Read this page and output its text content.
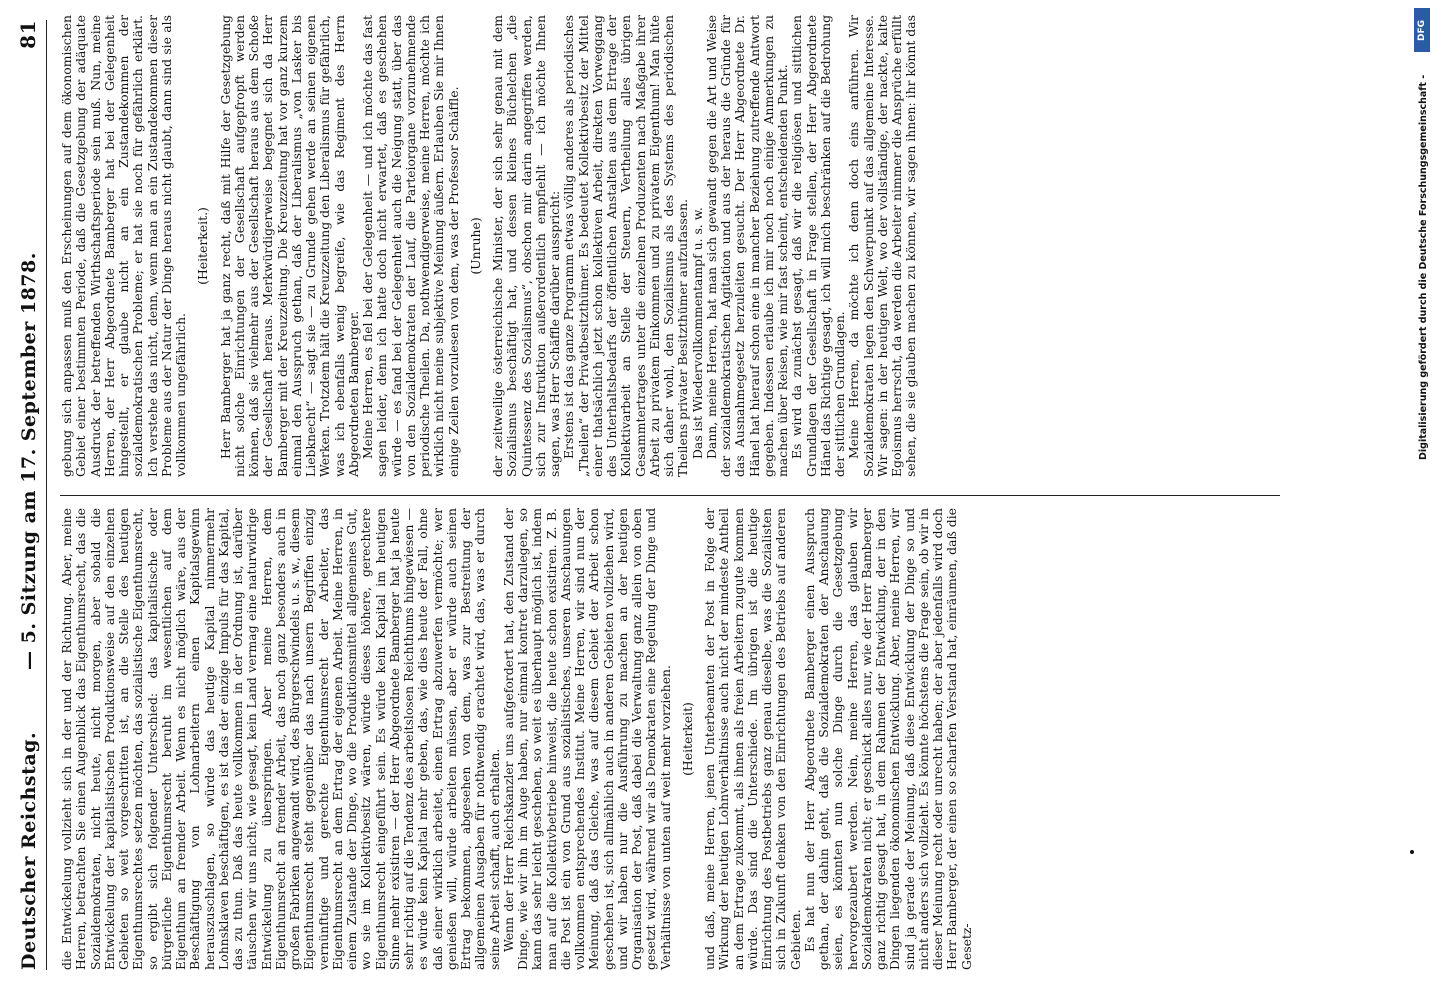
DFG
Digitalisierung gefördert durch die Deutsche Forschungsgemeinschaft -
Deutscher Reichstag.
— 5. Sitzung am 17. September 1878.
81

die Entwickelung vollzieht sich in der und der Richtung. Aber, meine Herren, betrachten Sie einen Augenblick das Eigenthumsrecht, das die Sozialdemokraten, nicht heute, nicht morgen, aber sobald die Entwickelung der kapitalistischen Produktionsweise auf den einzelnen Gebieten so weit vorgeschritten ist, an die Stelle des heutigen Eigenthumsrechtes setzen möchten, das sozialistische Eigenthumsrecht, so ergibt sich folgender Unterschied: das kapitalistische oder bürgerliche Eigenthumsrecht beruht im wesentlichen auf dem Eigenthum an fremder Arbeit. Wenn es nicht möglich wäre, aus der Beschäftigung von Lohnarbeitern einen Kapitalsgewinn herauszuschlagen, so würde das heutige Kapital nimmermehr Lohnsklaven beschäftigen, es ist das der einzige Impuls für das Kapital, das zu thun. Daß das heute vollkommen in der Ordnung ist, darüber täuschen wir uns nicht; wie gesagt, kein Land vermag eine naturwidrige Entwickelung zu überspringen. Aber meine Herren, dem Eigenthumsrecht an fremder Arbeit, das noch ganz besonders auch in großen Fabriken angewandt wird, des Bürgerschwindels u. s. w., diesem Eigenthumsrecht steht gegenüber das nach unsern Begriffen einzig vernünftige und gerechte Eigenthumsrecht der Arbeiter, das Eigenthumsrecht an dem Ertrag der eigenen Arbeit. Meine Herren, in einem Zustande der Dinge, wo die Produktionsmittel allgemeines Gut, wo sie im Kollektivbesitz wären, würde dieses höhere, gerechtere Eigenthumsrecht eingeführt sein. Es würde kein Kapital im heutigen Sinne mehr existiren — der Herr Abgeordnete Bamberger hat ja heute sehr richtig auf die Tendenz des arbeitslosen Reichthums hingewiesen — es würde kein Kapital mehr geben, das, wie dies heute der Fall, ohne daß einer wirklich arbeitet, einen Ertrag abzuwerfen vermöchte; wer genießen will, würde arbeiten müssen, aber er würde auch seinen Ertrag bekommen, abgesehen von dem, was zur Bestreitung der allgemeinen Ausgaben für nothwendig erachtet wird, das, was er durch seine Arbeit schafft, auch erhalten. Wenn der Herr Reichskanzler uns aufgefordert hat, den Zustand der Dinge, wie wir ihn im Auge haben, nur einmal kontret darzulegen, so kann das sehr leicht geschehen, so weit es überhaupt möglich ist, indem man auf die Kollektivbetriebe hinweist, die heute schon existiren. Z. B. die Post ist ein von Grund aus sozialistisches, unseren Anschauungen vollkommen entsprechendes Institut. Meine Herren, wir sind nun der Meinung, daß das Gleiche, was auf diesem Gebiet der Arbeit schon geschehen ist, sich allmählich auch in anderen Gebieten vollziehen wird, und wir haben nur die Ausführung zu machen an der heutigen Organisation der Post, daß dabei die Verwaltung ganz allein von oben gesetzt wird, während wir als Demokraten eine Regelung der Dinge und Verhältnisse von unten auf weit mehr vorziehen. (Heiterkeit) und daß, meine Herren, jenen Unterbeamten der Post in Folge der Wirkung der heutigen Lohnverhältnisse auch nicht der mindeste Antheil an dem Ertrage zukommt, als ihnen als freien Arbeitern zugute kommen würde. Das sind die Unterschiede. Im übrigen ist die heutige Einrichtung des Postbetriebs ganz genau dieselbe, was die Sozialisten sich in Zukunft denken von den Einrichtungen des Betriebs auf anderen Gebieten. Es hat nun der Herr Abgeordnete Bamberger einen Ausspruch gethan, der dahin geht, daß die Sozialdemokraten der Anschauung seien, es könnten nun solche Dinge durch die Gesetzgebung hervorgezaubert werden. Nein, meine Herren, das glauben wir Sozialdemokraten nicht; er geschickt alles nur, wie der Herr Bamberger ganz richtig gesagt hat, in dem Rahmen der Entwicklung, der in den Dingen liegenden ökonomischen Entwicklung. Aber, meine Herren, wir sind ja gerade der Meinung, daß diese Entwicklung der Dinge so und nicht anders sich vollzieht. Es könnte höchstens die Frage sein, ob wir in dieser Meinung recht oder unrecht haben; der aber jedenfalls wird doch Herr Bamberger, der einen so scharfen Verstand hat, einräumen, daß die Gesetz-

gebung sich anpassen muß den Erscheinungen auf dem ökonomischen Gebiet einer bestimmten Periode, daß die Gesetzgebung der adäquate Ausdruck der betreffenden Wirthschaftsperiode sein muß. Nun, meine Herren, der Herr Abgeordnete Bamberger hat bei der Gelegenheit hingestellt, er glaube nicht an ein Zustandekommen der sozialdemokratischen Probleme; er hat sie noch für gefährlich erklärt. Ich verstehe das nicht, denn, wenn man an ein Zustandekommen dieser Probleme aus der Natur der Dinge heraus nicht glaubt, dann sind sie als vollkommen ungefährlich.

(Heiterkeit.) Herr Bamberger hat ja ganz recht, daß mit Hilfe der Gesetzgebung nicht solche Einrichtungen der Gesellschaft aufgepfropft werden können, daß sie vielmehr aus der Gesellschaft heraus aus dem Schoße der Gesellschaft heraus. Merkwürdigerweise begegnet sich da Herr Bamberger mit der Kreuzzeitung. Die Kreuzzeitung hat vor ganz kurzem einmal den Ausspruch gethan, daß der Liberalismus „von Lasker bis Liebknecht“ — sagt sie — zu Grunde gehen werde an seinen eigenen Werken. Trotzdem hält die Kreuzzeitung den Liberalismus für gefährlich, was ich ebenfalls wenig begreife, wie das Regiment des Herrn Abgeordneten Bamberger. Meine Herren, es fiel bei der Gelegenheit — und ich möchte das fast sagen leider, denn ich hatte doch nicht erwartet, daß es geschehen würde — es fand bei der Gelegenheit auch die Neigung statt, über das von den Sozialdemokraten der Lauf, die Parteiorgane vorzunehmende periodische Theilen. Da, nothwendigerweise, meine Herren, möchte ich wirklich nicht meine subjektive Meinung äußern. Erlauben Sie mir Ihnen einige Zeilen vorzulesen von dem, was der Professor Schäffle. (Unruhe) der zeitweilige österreichische Minister, der sich sehr genau mit dem Sozialismus beschäftigt hat, und dessen kleines Büchelchen „die Quintessenz des Sozialismus“, obschon mir darin angegriffen werden, sich zur Instruktion außerordentlich empfiehlt — ich möchte Ihnen sagen, was Herr Schäffle darüber ausspricht: Erstens ist das ganze Programm etwas völlig anderes als periodisches „Theilen“ der Privatbesitzthümer. Es bedeutet Kollektivbesitz der Mittel einer thatsächlich jetzt schon kollektiven Arbeit, direkten Vorweggang des Unterhaltsbedarfs der öffentlichen Anstalten aus dem Ertrage der Kollektivarbeit an Stelle der Steuern, Vertheilung alles übrigen Gesammtertrages unter die einzelnen Produzenten nach Maßgabe ihrer Arbeit zu privatem Einkommen und zu privatem Eigenthum! Man hüte sich daher wohl, den Sozialismus als des Systems des periodischen Theilens privater Besitzthümer aufzufassen. Das ist Wiedervollkommentampf u. s. w. Dann, meine Herren, hat man sich gewandt gegen die Art und Weise der sozialdemokratischen Agitation und aus der heraus die Gründe für das Ausnahmegesetz herzuleiten gesucht. Der Herr Abgeordnete Dr. Hänel hat hierauf schon eine in mancher Beziehung zutreffende Antwort gegeben. Indessen erlaube ich mir noch noch einige Anmerkungen zu machen über Reisen, wie mir fast scheint, entscheidenden Punkt. Es wird da zunächst gesagt, daß wir die religiösen und sittlichen Grundlagen der Gesellschaft in Frage stellen, der Herr Abgeordnete Hänel das Richtige gesagt, ich will mich beschränken auf die Bedrohung der sittlichen Grundlagen. Meine Herren, da möchte ich denn doch eins anführen. Wir Sozialdemokraten legen den Schwerpunkt auf das allgemeine Interesse. Wir sagen: in der heutigen Welt, wo der vollständige, der nackte, kalte Egoismus herrscht, da werden die Arbeiter nimmer die Ansprüche erfüllt sehen, die sie glauben machen zu können, wir sagen ihnen: ihr könnt das
